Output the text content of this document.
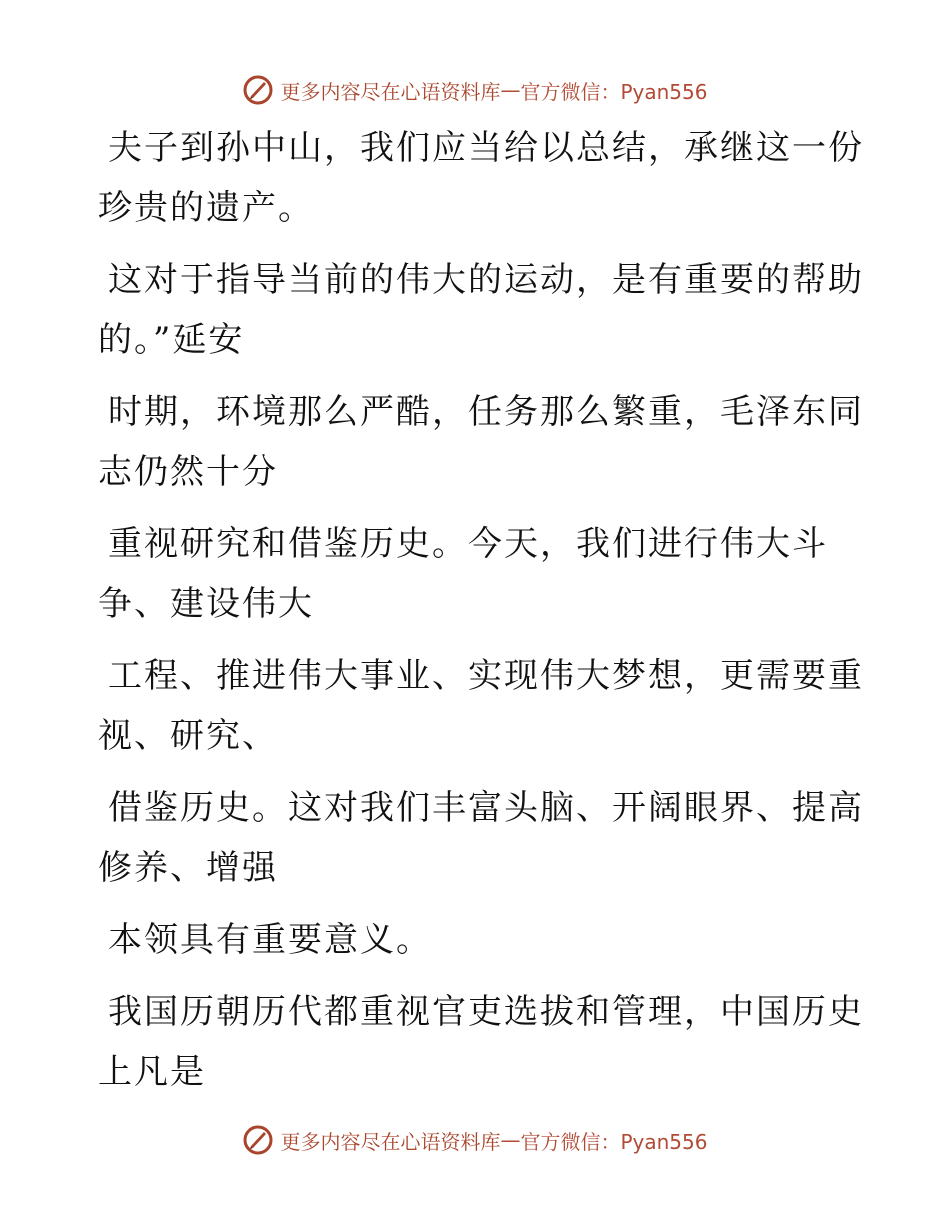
更多内容尽在心语资料库 — 官方微信：Pyan556
夫子到孙中山，我们应当给以总结，承继这一份
珍贵的遗产。
这对于指导当前的伟大的运动，是有重要的帮助
的。”延安
时期，环境那么严酷，任务那么繁重，毛泽东同
志仍然十分
重视研究和借鉴历史。今天，我们进行伟大斗
争、建设伟大
工程、推进伟大事业、实现伟大梦想，更需要重
视、研究、
借鉴历史。这对我们丰富头脑、开阔眼界、提高
修养、增强
本领具有重要意义。
我国历朝历代都重视官吏选拔和管理，中国历史
上凡是
更多内容尽在心语资料库 — 官方微信：Pyan556
